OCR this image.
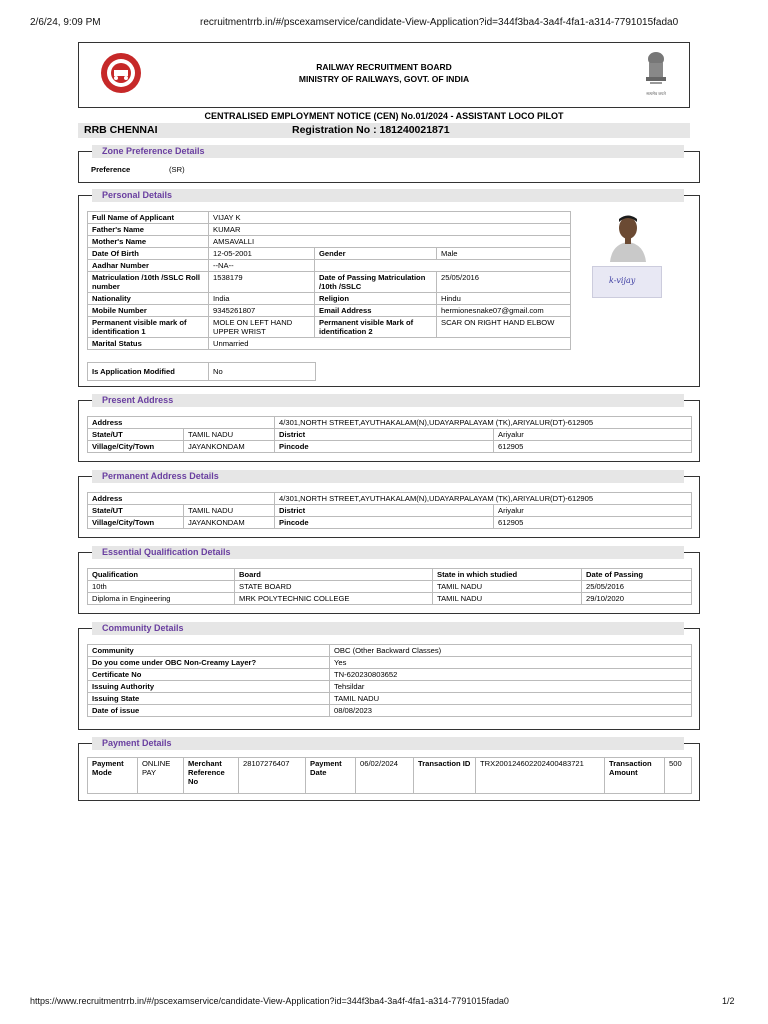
2/6/24, 9:09 PM	recruitmentrrb.in/#/pscexamservice/candidate-View-Application?id=344f3ba4-3a4f-4fa1-a314-7791015fada0
RAILWAY RECRUITMENT BOARD
MINISTRY OF RAILWAYS, GOVT. OF INDIA
सत्यमेव जयते
CENTRALISED EMPLOYMENT NOTICE (CEN) No.01/2024 - ASSISTANT LOCO PILOT
RRB CHENNAI	Registration No : 181240021871
Zone Preference Details
Preference	(SR)
Personal Details
Full Name of Applicant	VIJAY K		
Father's Name	KUMAR		
Mother's Name	AMSAVALLI		
Date Of Birth	12-05-2001	Gender	Male
Aadhar Number	--NA--		
Matriculation /10th /SSLC Roll number	1538179	Date of Passing Matriculation /10th /SSLC	25/05/2016
Nationality	India	Religion	Hindu
Mobile Number	9345261807	Email Address	hermionesnake07@gmail.com
Permanent visible mark of identification 1	MOLE ON LEFT HAND UPPER WRIST	Permanent visible Mark of identification 2	SCAR ON RIGHT HAND ELBOW
Marital Status	Unmarried		
Is Application Modified	No
k-vijay
Present Address
Address		4/301,NORTH STREET,AYUTHAKALAM(N),UDAYARPALAYAM (TK),ARIYALUR(DT)-612905	
State/UT	TAMIL NADU	District	Ariyalur
Village/City/Town	JAYANKONDAM	Pincode	612905
Permanent Address Details
Address		4/301,NORTH STREET,AYUTHAKALAM(N),UDAYARPALAYAM (TK),ARIYALUR(DT)-612905	
State/UT	TAMIL NADU	District	Ariyalur
Village/City/Town	JAYANKONDAM	Pincode	612905
Essential Qualification Details
Qualification	Board	State in which studied	Date of Passing
10th	STATE BOARD	TAMIL NADU	25/05/2016
Diploma in Engineering	MRK POLYTECHNIC COLLEGE	TAMIL NADU	29/10/2020
Community Details
Community	OBC (Other Backward Classes)
Do you come under OBC Non-Creamy Layer?	Yes
Certificate No	TN-620230803652
Issuing Authority	Tehsildar
Issuing State	TAMIL NADU
Date of issue	08/08/2023
Payment Details
Payment Mode	ONLINE PAY	Merchant Reference No	28107276407	Payment Date	06/02/2024	Transaction ID	TRX20012460220240048372​1	Transaction Amount	500
https://www.recruitmentrrb.in/#/pscexamservice/candidate-View-Application?id=344f3ba4-3a4f-4fa1-a314-7791015fada0	1/2
